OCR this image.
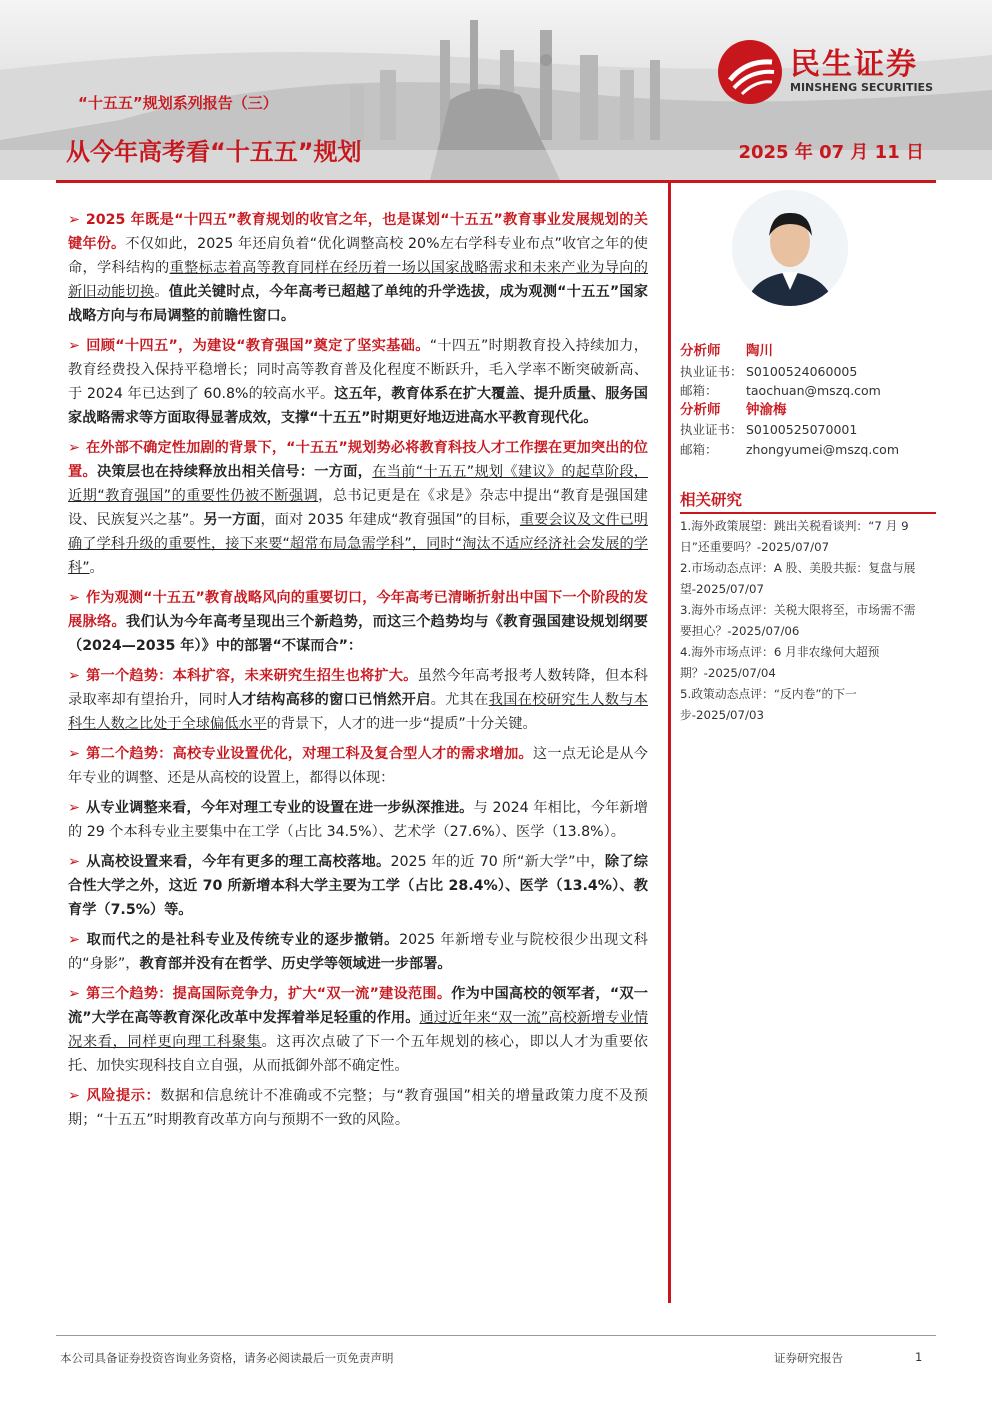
“十五五”规划系列报告（三）
从今年高考看“十五五”规划	2025 年 07 月 11 日
民生证券
MINSHENG SECURITIES
➢ 2025 年既是“十四五”教育规划的收官之年，也是谋划“十五五”教育事业发展规划的关键年份。不仅如此，2025 年还肩负着“优化调整高校 20%左右学科专业布点”收官之年的使命，学科结构的重整标志着高等教育同样在经历着一场以国家战略需求和未来产业为导向的新旧动能切换。值此关键时点，今年高考已超越了单纯的升学选拔，成为观测“十五五”国家战略方向与布局调整的前瞻性窗口。
➢ 回顾“十四五”，为建设“教育强国”奠定了坚实基础。“十四五”时期教育投入持续加力，教育经费投入保持平稳增长；同时高等教育普及化程度不断跃升，毛入学率不断突破新高、于 2024 年已达到了 60.8%的较高水平。这五年，教育体系在扩大覆盖、提升质量、服务国家战略需求等方面取得显著成效，支撑“十五五”时期更好地迈进高水平教育现代化。
➢ 在外部不确定性加剧的背景下，“十五五”规划势必将教育科技人才工作摆在更加突出的位置。决策层也在持续释放出相关信号：一方面，在当前“十五五”规划《建议》的起草阶段，近期“教育强国”的重要性仍被不断强调，总书记更是在《求是》杂志中提出“教育是强国建设、民族复兴之基”。另一方面，面对 2035 年建成“教育强国”的目标，重要会议及文件已明确了学科升级的重要性，接下来要“超常布局急需学科”，同时“淘汰不适应经济社会发展的学科”。
➢ 作为观测“十五五”教育战略风向的重要切口，今年高考已清晰折射出中国下一个阶段的发展脉络。我们认为今年高考呈现出三个新趋势，而这三个趋势均与《教育强国建设规划纲要（2024—2035 年）》中的部署“不谋而合”：
➢ 第一个趋势：本科扩容，未来研究生招生也将扩大。虽然今年高考报考人数转降，但本科录取率却有望抬升，同时人才结构高移的窗口已悄然开启。尤其在我国在校研究生人数与本科生人数之比处于全球偏低水平的背景下，人才的进一步“提质”十分关键。
➢ 第二个趋势：高校专业设置优化，对理工科及复合型人才的需求增加。这一点无论是从今年专业的调整、还是从高校的设置上，都得以体现：
➢ 从专业调整来看，今年对理工专业的设置在进一步纵深推进。与 2024 年相比，今年新增的 29 个本科专业主要集中在工学（占比 34.5%）、艺术学（27.6%）、医学（13.8%）。
➢ 从高校设置来看，今年有更多的理工高校落地。2025 年的近 70 所“新大学”中，除了综合性大学之外，这近 70 所新增本科大学主要为工学（占比 28.4%）、医学（13.4%）、教育学（7.5%）等。
➢ 取而代之的是社科专业及传统专业的逐步撤销。2025 年新增专业与院校很少出现文科的“身影”，教育部并没有在哲学、历史学等领域进一步部署。
➢ 第三个趋势：提高国际竞争力，扩大“双一流”建设范围。作为中国高校的领军者，“双一流”大学在高等教育深化改革中发挥着举足轻重的作用。通过近年来“双一流”高校新增专业情况来看，同样更向理工科聚集。这再次点破了下一个五年规划的核心，即以人才为重要依托、加快实现科技自立自强，从而抵御外部不确定性。
➢ 风险提示：数据和信息统计不准确或不完整；与“教育强国”相关的增量政策力度不及预期；“十五五”时期教育改革方向与预期不一致的风险。
分析师	陶川
执业证书： S0100524060005
邮箱：	taochuan@mszq.com
分析师	钟渝梅
执业证书： S0100525070001
邮箱：	zhongyumei@mszq.com
相关研究
1.海外政策展望：跳出关税看谈判：“7 月 9 日”还重要吗？-2025/07/07
2.市场动态点评：A 股、美股共振：复盘与展望-2025/07/07
3.海外市场点评：关税大限将至，市场需不需要担心？-2025/07/06
4.海外市场点评：6 月非农缘何大超预期？-2025/07/04
5.政策动态点评：“反内卷”的下一步-2025/07/03
本公司具备证券投资咨询业务资格，请务必阅读最后一页免责声明	证券研究报告	1
